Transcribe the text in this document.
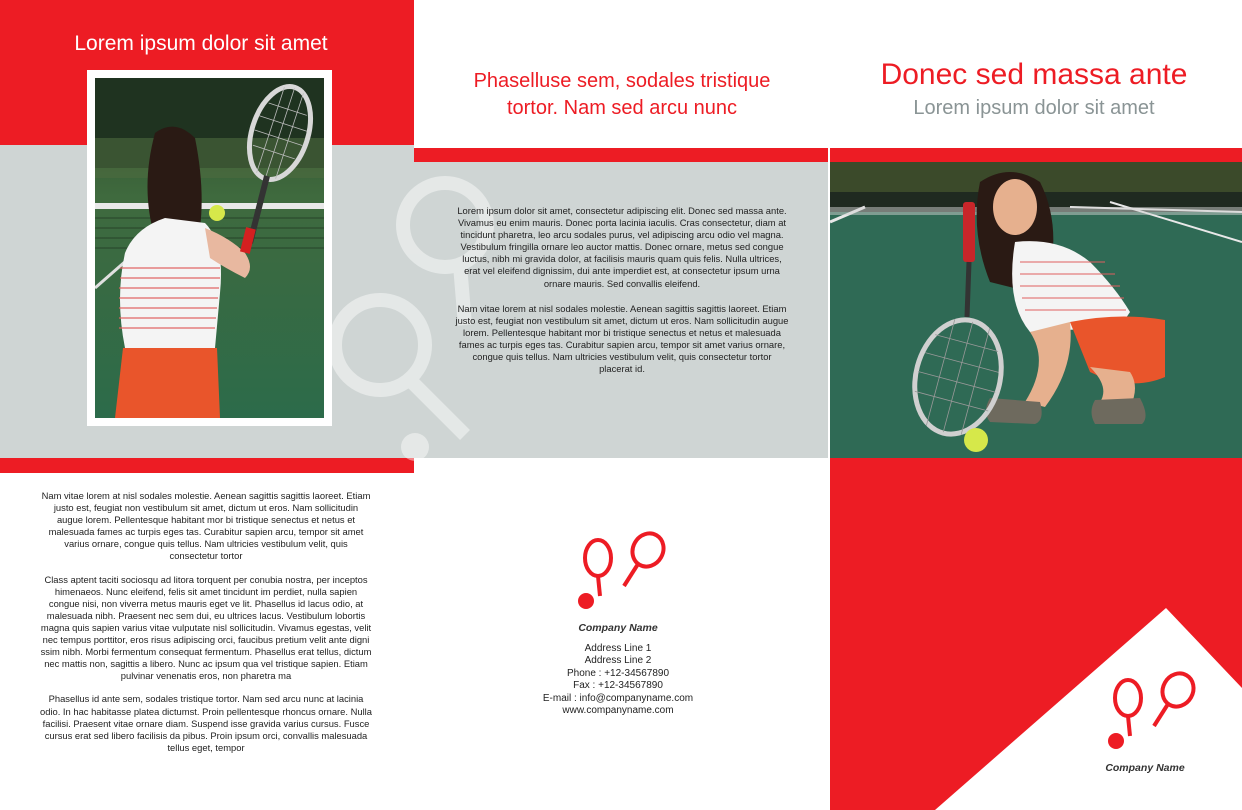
Lorem ipsum dolor sit amet

Nam vitae lorem at nisl sodales molestie. Aenean sagittis sagittis laoreet. Etiam justo est, feugiat non vestibulum sit amet, dictum ut eros. Nam sollicitudin augue lorem. Pellentesque habitant mor bi tristique senectus et netus et malesuada fames ac turpis eges tas. Curabitur sapien arcu, tempor sit amet varius ornare, congue quis tellus. Nam ultricies vestibulum velit, quis consectetur tortor

Class aptent taciti sociosqu ad litora torquent per conubia nostra, per inceptos himenaeos. Nunc eleifend, felis sit amet tincidunt im perdiet, nulla sapien congue nisi, non viverra metus mauris eget ve lit. Phasellus id lacus odio, at malesuada nibh. Praesent nec sem dui, eu ultrices lacus. Vestibulum lobortis magna quis sapien varius vitae vulputate nisl sollicitudin. Vivamus egestas, velit nec tempus porttitor, eros risus adipiscing orci, faucibus pretium velit ante digni ssim nibh. Morbi fermentum consequat fermentum. Phasellus erat tellus, dictum nec mattis non, sagittis a libero. Nunc ac ipsum qua vel tristique sapien. Etiam pulvinar venenatis eros, non pharetra ma

Phasellus id ante sem, sodales tristique tortor. Nam sed arcu nunc at lacinia odio. In hac habitasse platea dictumst. Proin pellentesque rhoncus ornare. Nulla facilisi. Praesent vitae ornare diam. Suspend isse gravida varius cursus. Fusce cursus erat sed libero facilisis da pibus. Proin ipsum orci, convallis malesuada tellus eget, tempor

Phaselluse sem, sodales tristique
tortor. Nam sed arcu nunc

Lorem ipsum dolor sit amet, consectetur adipiscing elit. Donec sed massa ante. Vivamus eu enim mauris. Donec porta lacinia iaculis. Cras consectetur, diam at tincidunt pharetra, leo arcu sodales purus, vel adipiscing arcu odio vel magna. Vestibulum fringilla ornare leo auctor mattis. Donec ornare, metus sed congue luctus, nibh mi gravida dolor, at facilisis mauris quam quis felis. Nulla ultrices, erat vel eleifend dignissim, dui ante imperdiet est, at consectetur ipsum urna ornare mauris. Sed convallis eleifend.

Nam vitae lorem at nisl sodales molestie. Aenean sagittis sagittis laoreet. Etiam justo est, feugiat non vestibulum sit amet, dictum ut eros. Nam sollicitudin augue lorem. Pellentesque habitant mor bi tristique senectus et netus et malesuada fames ac turpis eges tas. Curabitur sapien arcu, tempor sit amet varius ornare, congue quis tellus. Nam ultricies vestibulum velit, quis consectetur tortor placerat id.

Company Name
Address Line 1
Address Line 2
Phone : +12-34567890
Fax : +12-34567890
E-mail : info@companyname.com
www.companyname.com
Donec sed massa ante
Lorem ipsum dolor sit amet
Company Name
